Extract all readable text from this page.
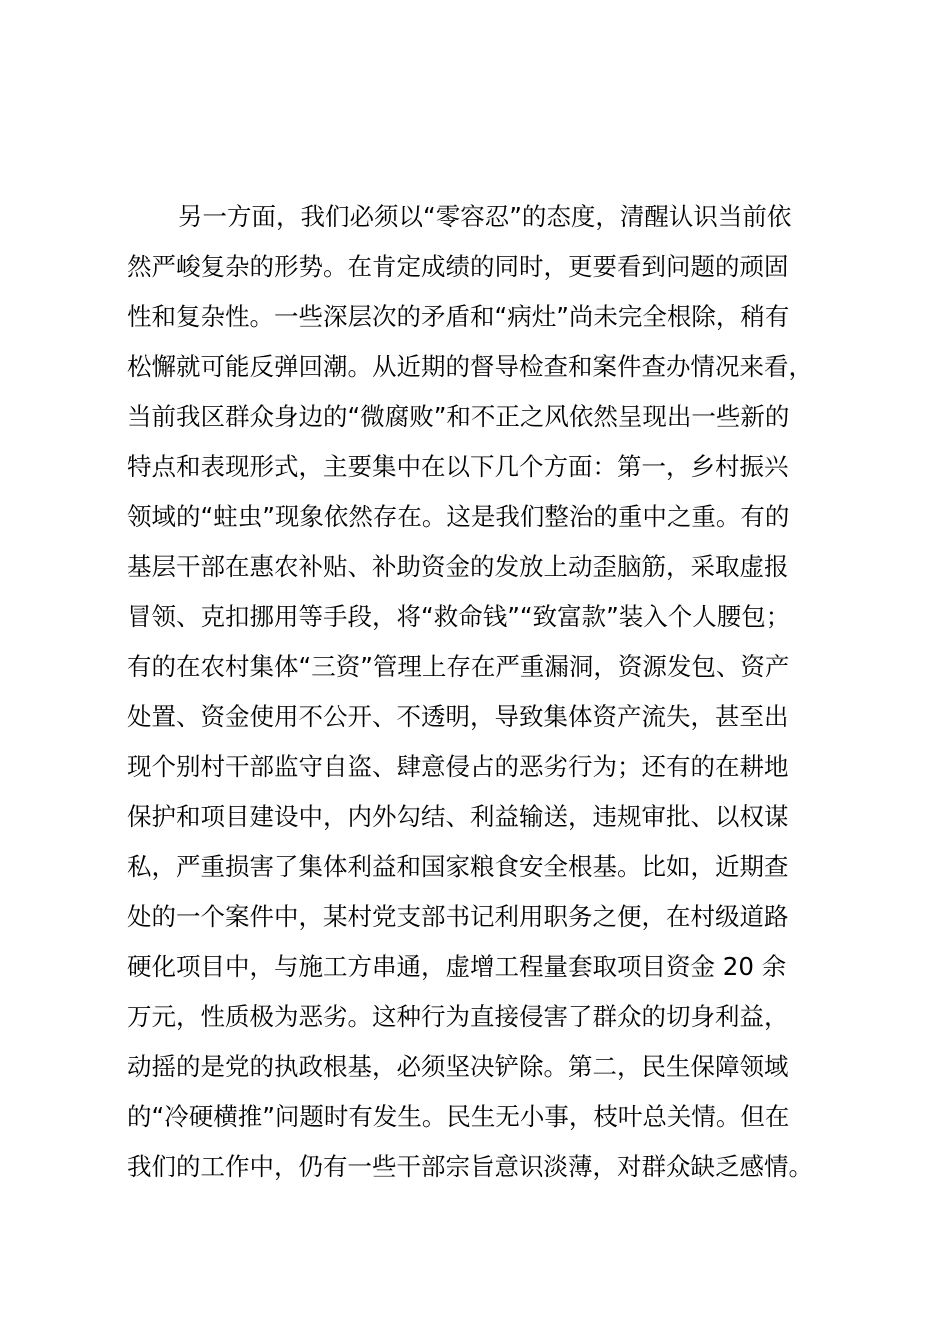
另一方面，我们必须以“零容忍”的态度，清醒认识当前依
然严峻复杂的形势。在肯定成绩的同时，更要看到问题的顽固
性和复杂性。一些深层次的矛盾和“病灶”尚未完全根除，稍有
松懈就可能反弹回潮。从近期的督导检查和案件查办情况来看，
当前我区群众身边的“微腐败”和不正之风依然呈现出一些新的
特点和表现形式，主要集中在以下几个方面：第一，乡村振兴
领域的“蛀虫”现象依然存在。这是我们整治的重中之重。有的
基层干部在惠农补贴、补助资金的发放上动歪脑筋，采取虚报
冒领、克扣挪用等手段，将“救命钱”“致富款”装入个人腰包；
有的在农村集体“三资”管理上存在严重漏洞，资源发包、资产
处置、资金使用不公开、不透明，导致集体资产流失，甚至出
现个别村干部监守自盗、肆意侵占的恶劣行为；还有的在耕地
保护和项目建设中，内外勾结、利益输送，违规审批、以权谋
私，严重损害了集体利益和国家粮食安全根基。比如，近期查
处的一个案件中，某村党支部书记利用职务之便，在村级道路
硬化项目中，与施工方串通，虚增工程量套取项目资金 20 余
万元，性质极为恶劣。这种行为直接侵害了群众的切身利益，
动摇的是党的执政根基，必须坚决铲除。第二，民生保障领域
的“冷硬横推”问题时有发生。民生无小事，枝叶总关情。但在
我们的工作中，仍有一些干部宗旨意识淡薄，对群众缺乏感情。
